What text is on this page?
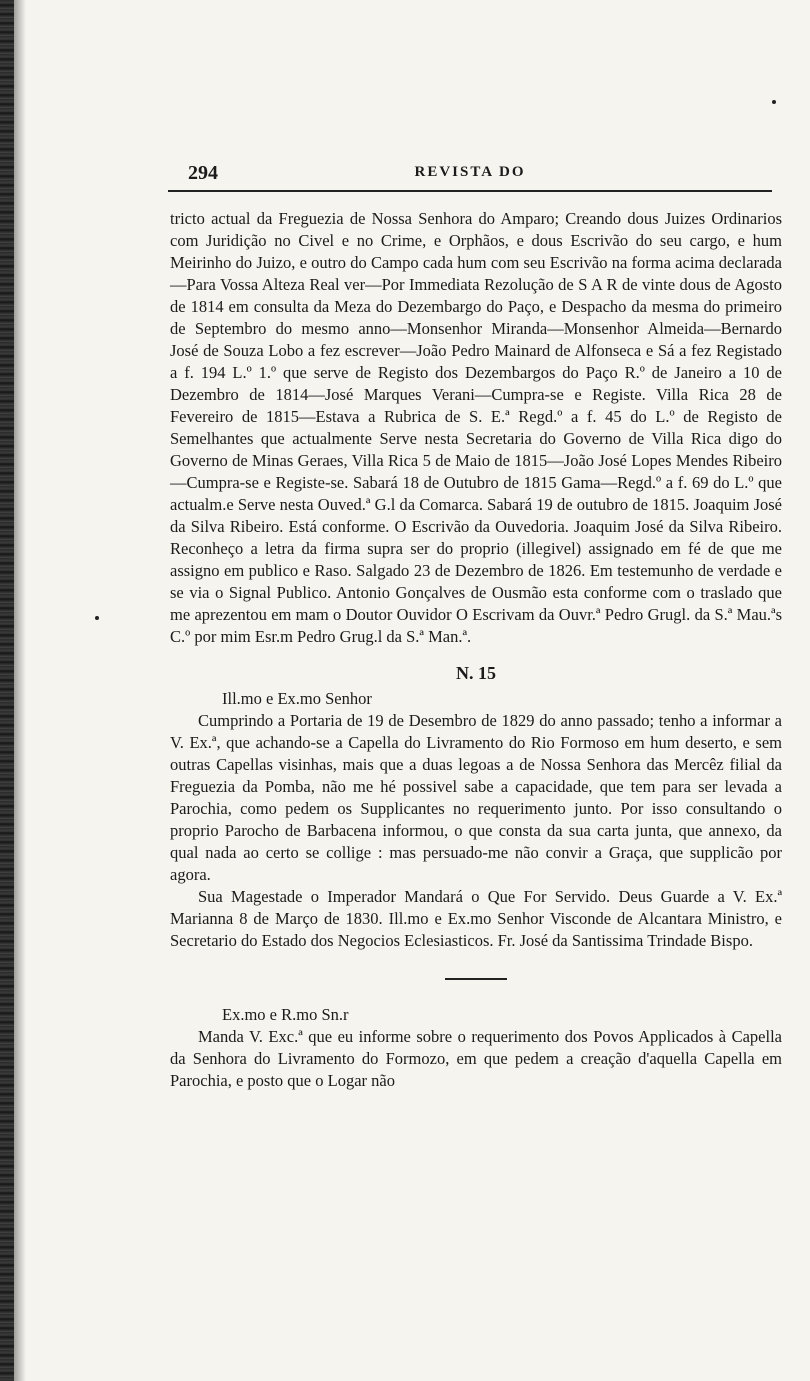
294	REVISTA DO

tricto actual da Freguezia de Nossa Senhora do Amparo; Creando dous Juizes Ordinarios com Juridição no Civel e no Crime, e Orphãos, e dous Escrivão do seu cargo, e hum Meirinho do Juizo, e outro do Campo cada hum com seu Escrivão na forma acima declarada—Para Vossa Alteza Real ver—Por Immediata Rezolução de S A R de vinte dous de Agosto de 1814 em consulta da Meza do Dezembargo do Paço, e Despacho da mesma do primeiro de Septembro do mesmo anno—Monsenhor Miranda—Monsenhor Almeida—Bernardo José de Souza Lobo a fez escrever—João Pedro Mainard de Alfonseca e Sá a fez Registado a f. 194 L.º 1.º que serve de Registo dos Dezembargos do Paço R.º de Janeiro a 10 de Dezembro de 1814—José Marques Verani—Cumpra-se e Registe. Villa Rica 28 de Fevereiro de 1815—Estava a Rubrica de S. E.ª Regd.º a f. 45 do L.º de Registo de Semelhantes que actualmente Serve nesta Secretaria do Governo de Villa Rica digo do Governo de Minas Geraes, Villa Rica 5 de Maio de 1815—João José Lopes Mendes Ribeiro—Cumpra-se e Registe-se. Sabará 18 de Outubro de 1815 Gama—Regd.º a f. 69 do L.º que actualm.e Serve nesta Ouved.ª G.l da Comarca. Sabará 19 de outubro de 1815. Joaquim José da Silva Ribeiro. Está conforme. O Escrivão da Ouvedoria. Joaquim José da Silva Ribeiro. Reconheço a letra da firma supra ser do proprio (illegivel) assignado em fé de que me assigno em publico e Raso. Salgado 23 de Dezembro de 1826. Em testemunho de verdade e se via o Signal Publico. Antonio Gonçalves de Ousmão esta conforme com o traslado que me aprezentou em mam o Doutor Ouvidor O Escrivam da Ouvr.ª Pedro Grugl. da S.ª Mau.ªs C.º por mim Esr.m Pedro Grug.l da S.ª Man.ª.

N. 15

Ill.mo e Ex.mo Senhor

Cumprindo a Portaria de 19 de Desembro de 1829 do anno passado; tenho a informar a V. Ex.ª, que achando-se a Capella do Livramento do Rio Formoso em hum deserto, e sem outras Capellas visinhas, mais que a duas legoas a de Nossa Senhora das Mercêz filial da Freguezia da Pomba, não me hé possivel sabe a capacidade, que tem para ser levada a Parochia, como pedem os Supplicantes no requerimento junto. Por isso consultando o proprio Parocho de Barbacena informou, o que consta da sua carta junta, que annexo, da qual nada ao certo se collige : mas persuado-me não convir a Graça, que supplicão por agora.

Sua Magestade o Imperador Mandará o Que For Servido. Deus Guarde a V. Ex.ª Marianna 8 de Março de 1830. Ill.mo e Ex.mo Senhor Visconde de Alcantara Ministro, e Secretario do Estado dos Negocios Eclesiasticos. Fr. José da Santissima Trindade Bispo.

Ex.mo e R.mo Sn.r

Manda V. Exc.ª que eu informe sobre o requerimento dos Povos Applicados à Capella da Senhora do Livramento do Formozo, em que pedem a creação d'aquella Capella em Parochia, e posto que o Logar não
